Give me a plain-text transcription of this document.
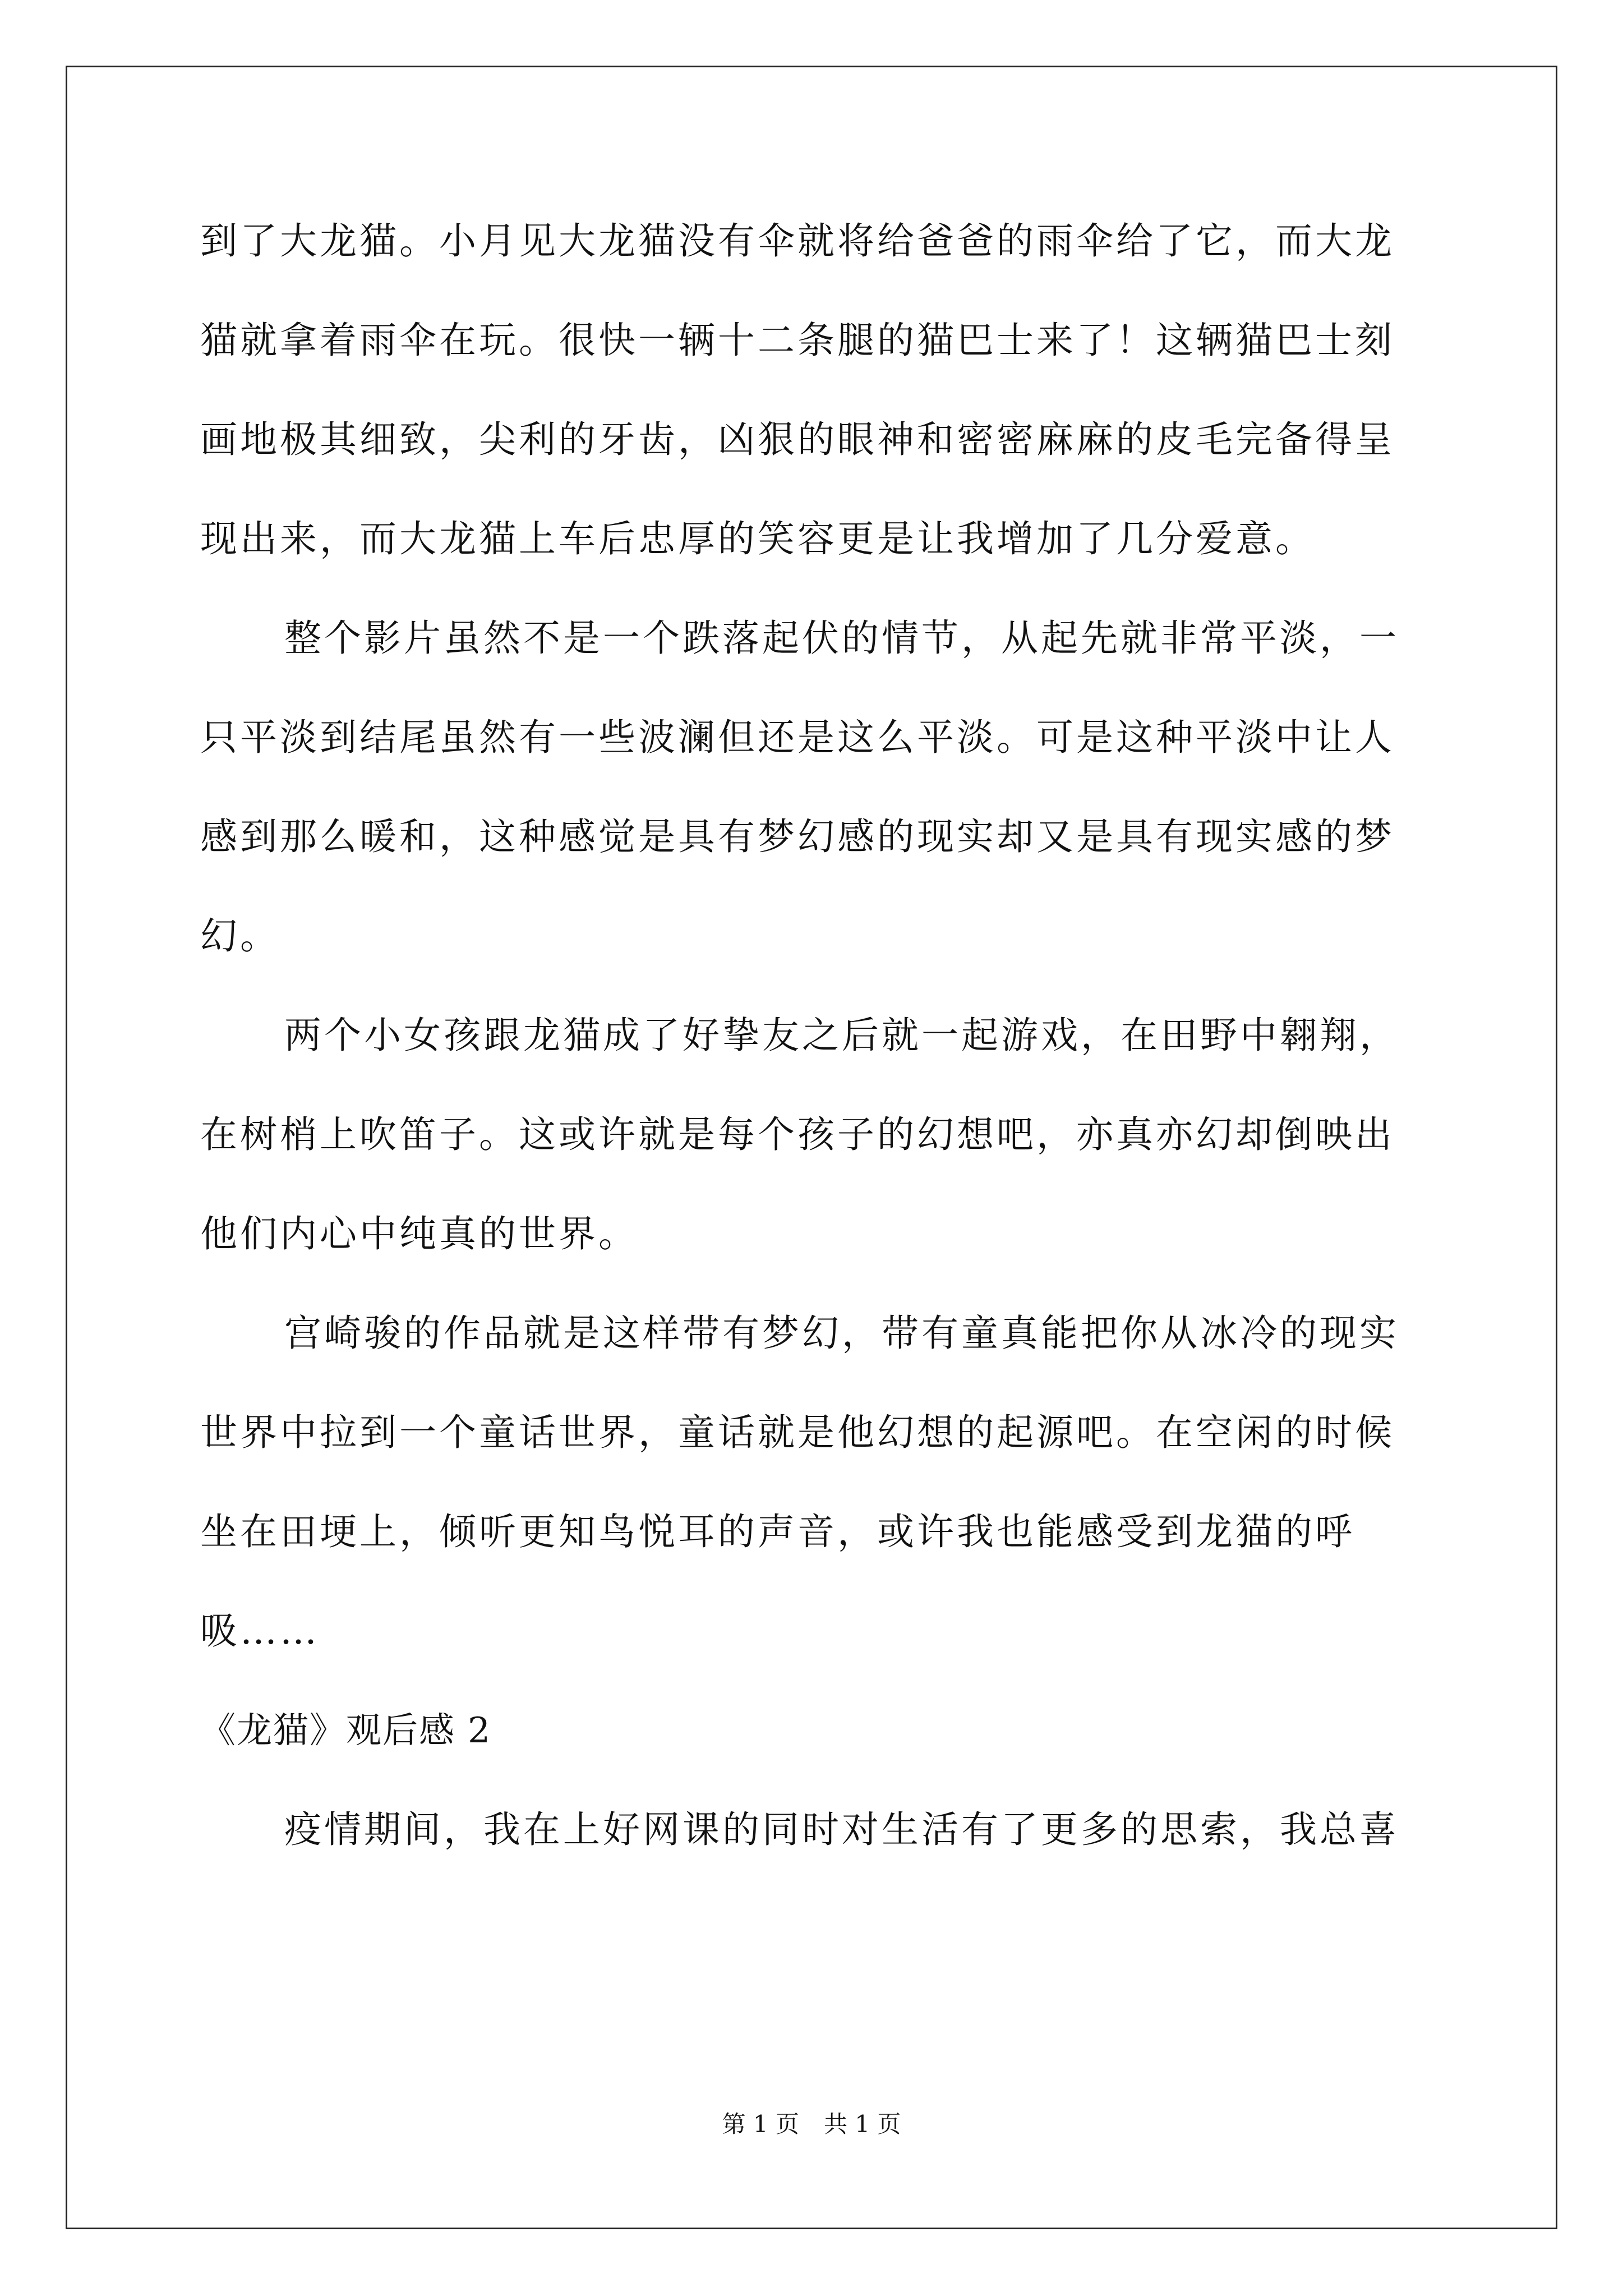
到了大龙猫。小月见大龙猫没有伞就将给爸爸的雨伞给了它，而大龙
猫就拿着雨伞在玩。很快一辆十二条腿的猫巴士来了！这辆猫巴士刻
画地极其细致，尖利的牙齿，凶狠的眼神和密密麻麻的皮毛完备得呈
现出来，而大龙猫上车后忠厚的笑容更是让我增加了几分爱意。
整个影片虽然不是一个跌落起伏的情节，从起先就非常平淡，一
只平淡到结尾虽然有一些波澜但还是这么平淡。可是这种平淡中让人
感到那么暖和，这种感觉是具有梦幻感的现实却又是具有现实感的梦
幻。
两个小女孩跟龙猫成了好挚友之后就一起游戏，在田野中翱翔，
在树梢上吹笛子。这或许就是每个孩子的幻想吧，亦真亦幻却倒映出
他们内心中纯真的世界。
宫崎骏的作品就是这样带有梦幻，带有童真能把你从冰冷的现实
世界中拉到一个童话世界，童话就是他幻想的起源吧。在空闲的时候
坐在田埂上，倾听更知鸟悦耳的声音，或许我也能感受到龙猫的呼
吸……
《龙猫》观后感 2
疫情期间，我在上好网课的同时对生活有了更多的思索，我总喜
第 1 页 共 1 页
